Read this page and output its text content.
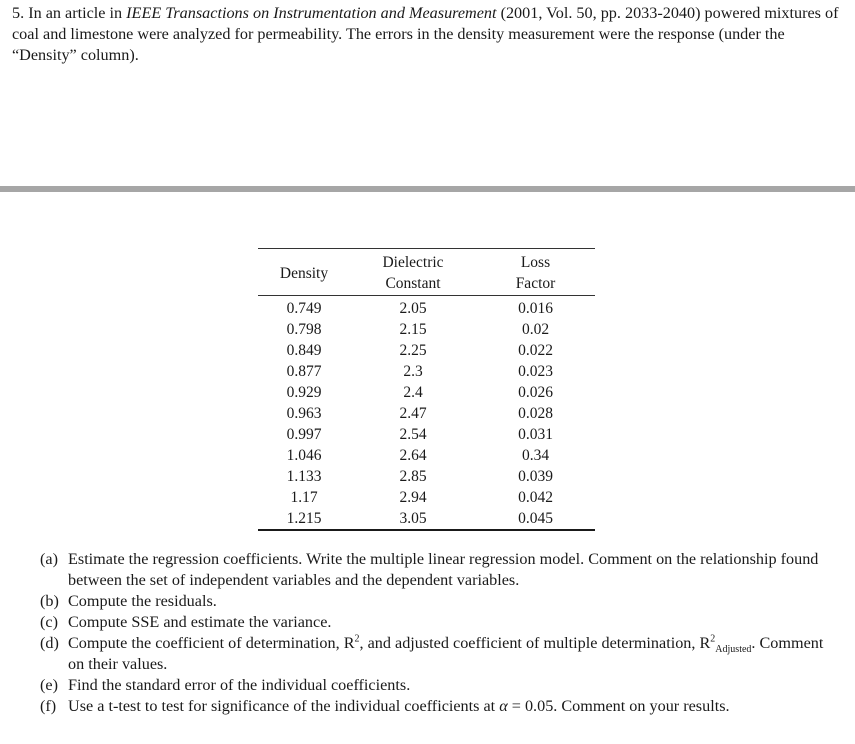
5. In an article in IEEE Transactions on Instrumentation and Measurement (2001, Vol. 50, pp. 2033-2040) powered mixtures of coal and limestone were analyzed for permeability. The errors in the density measurement were the response (under the “Density” column).

Density	Dielectric	Loss
	Constant	Factor
0.749	2.05	0.016
0.798	2.15	0.02
0.849	2.25	0.022
0.877	2.3	0.023
0.929	2.4	0.026
0.963	2.47	0.028
0.997	2.54	0.031
1.046	2.64	0.34
1.133	2.85	0.039
1.17	2.94	0.042
1.215	3.05	0.045
(a) Estimate the regression coefficients. Write the multiple linear regression model. Comment on the relationship found between the set of independent variables and the dependent variables.
(b) Compute the residuals.
(c) Compute SSE and estimate the variance.
(d) Compute the coefficient of determination, $R^2$, and adjusted coefficient of multiple determination, $R^2_{Adjusted}$. Comment on their values.
(e) Find the standard error of the individual coefficients.
(f) Use a t-test to test for significance of the individual coefficients at α = 0.05. Comment on your results.
